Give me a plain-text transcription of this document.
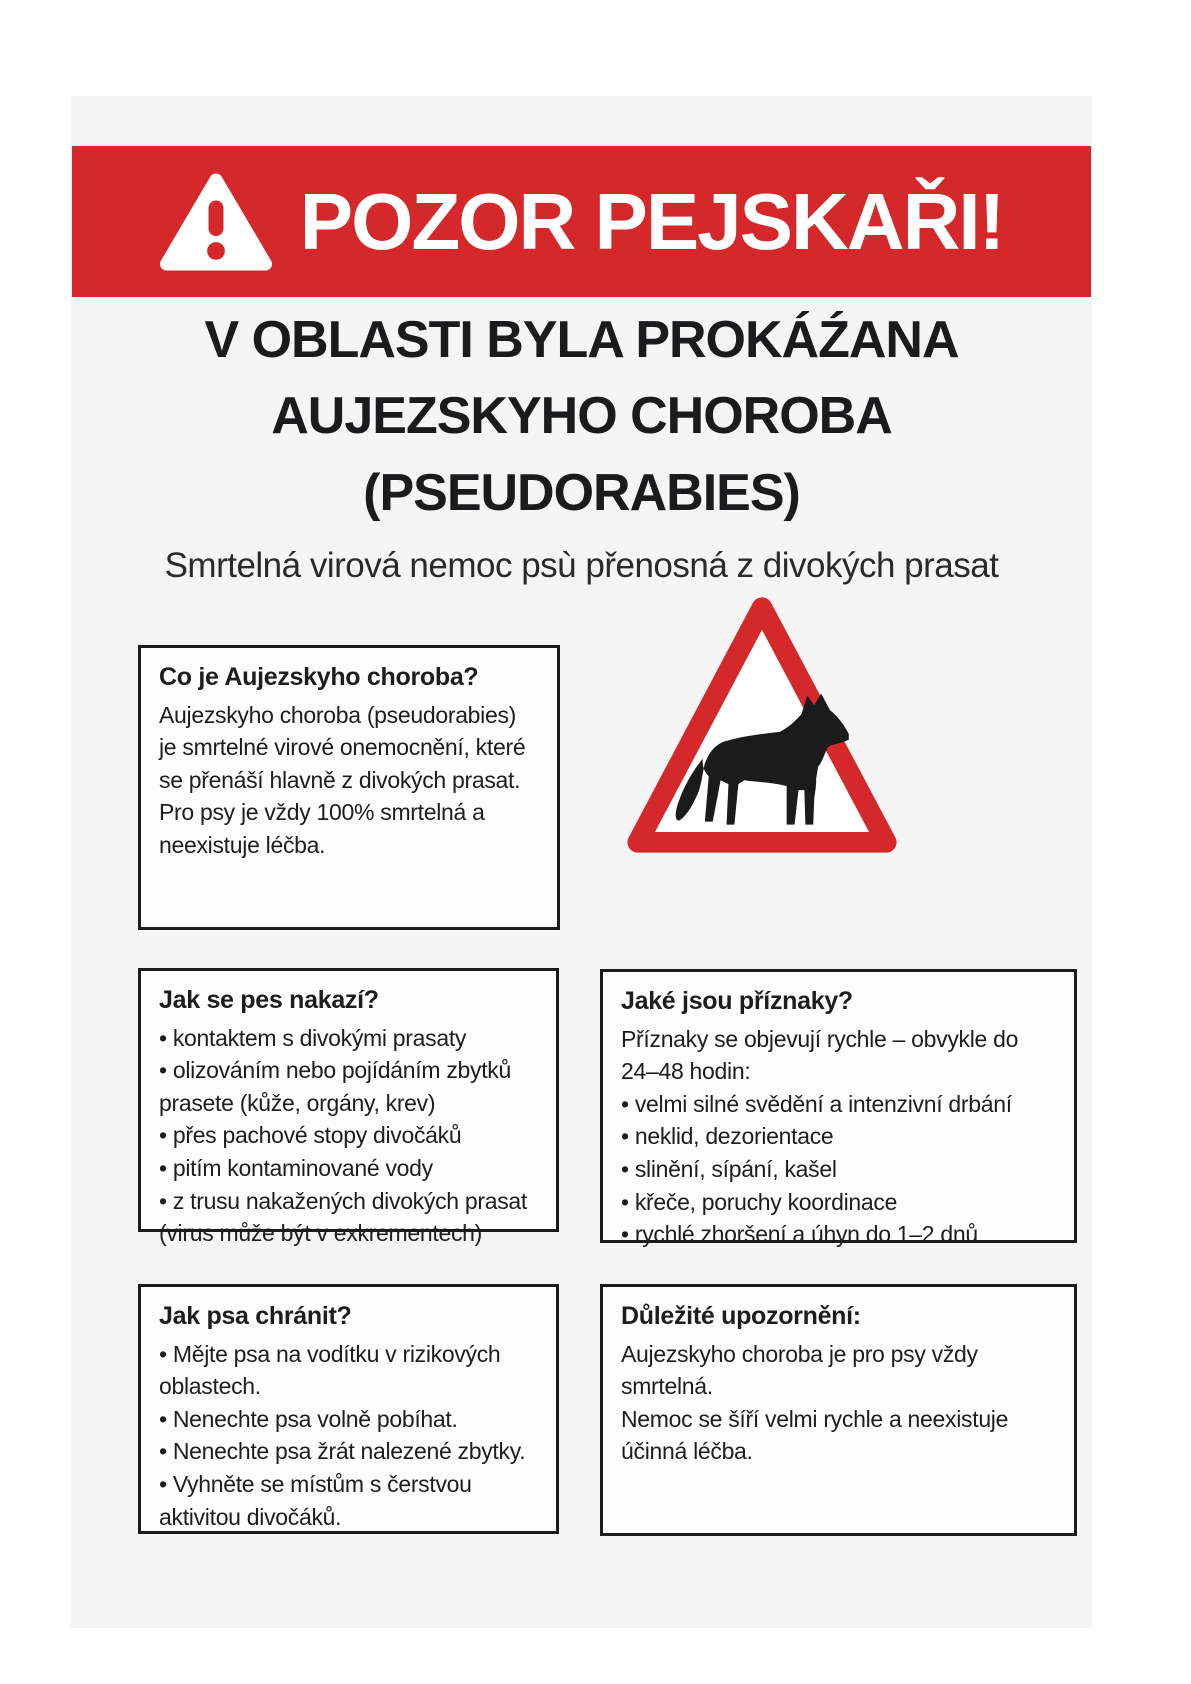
POZOR PEJSKAŘI!
V OBLASTI BYLA PROKÁŹANA
AUJEZSKYHO CHOROBA
(PSEUDORABIES)
Smrtelná virová nemoc psù přenosná z divokých prasat
Co je Aujezskyho choroba?
Aujezskyho choroba (pseudorabies) je smrtelné virové onemocnění, které se přenáší hlavně z divokých prasat. Pro psy je vždy 100% smrtelná a neexistuje léčba.
Jak se pes nakazí?
• kontaktem s divokými prasaty
• olizováním nebo pojídáním zbytků prasete (kůže, orgány, krev)
• přes pachové stopy divočáků
• pitím kontaminované vody
• z trusu nakažených divokých prasat (virus může být v exkrementech)
Jaké jsou příznaky?
Příznaky se objevují rychle – obvykle do 24–48 hodin:
• velmi silné svědění a intenzivní drbání
• neklid, dezorientace
• slinění, sípání, kašel
• křeče, poruchy koordinace
• rychlé zhoršení a úhyn do 1–2 dnů
Jak psa chránit?
• Mějte psa na vodítku v rizikových oblastech.
• Nenechte psa volně pobíhat.
• Nenechte psa žrát nalezené zbytky.
• Vyhněte se místům s čerstvou aktivitou divočáků.
Důležité upozornění:
Aujezskyho choroba je pro psy vždy smrtelná.
Nemoc se šíří velmi rychle a neexistuje účinná léčba.
